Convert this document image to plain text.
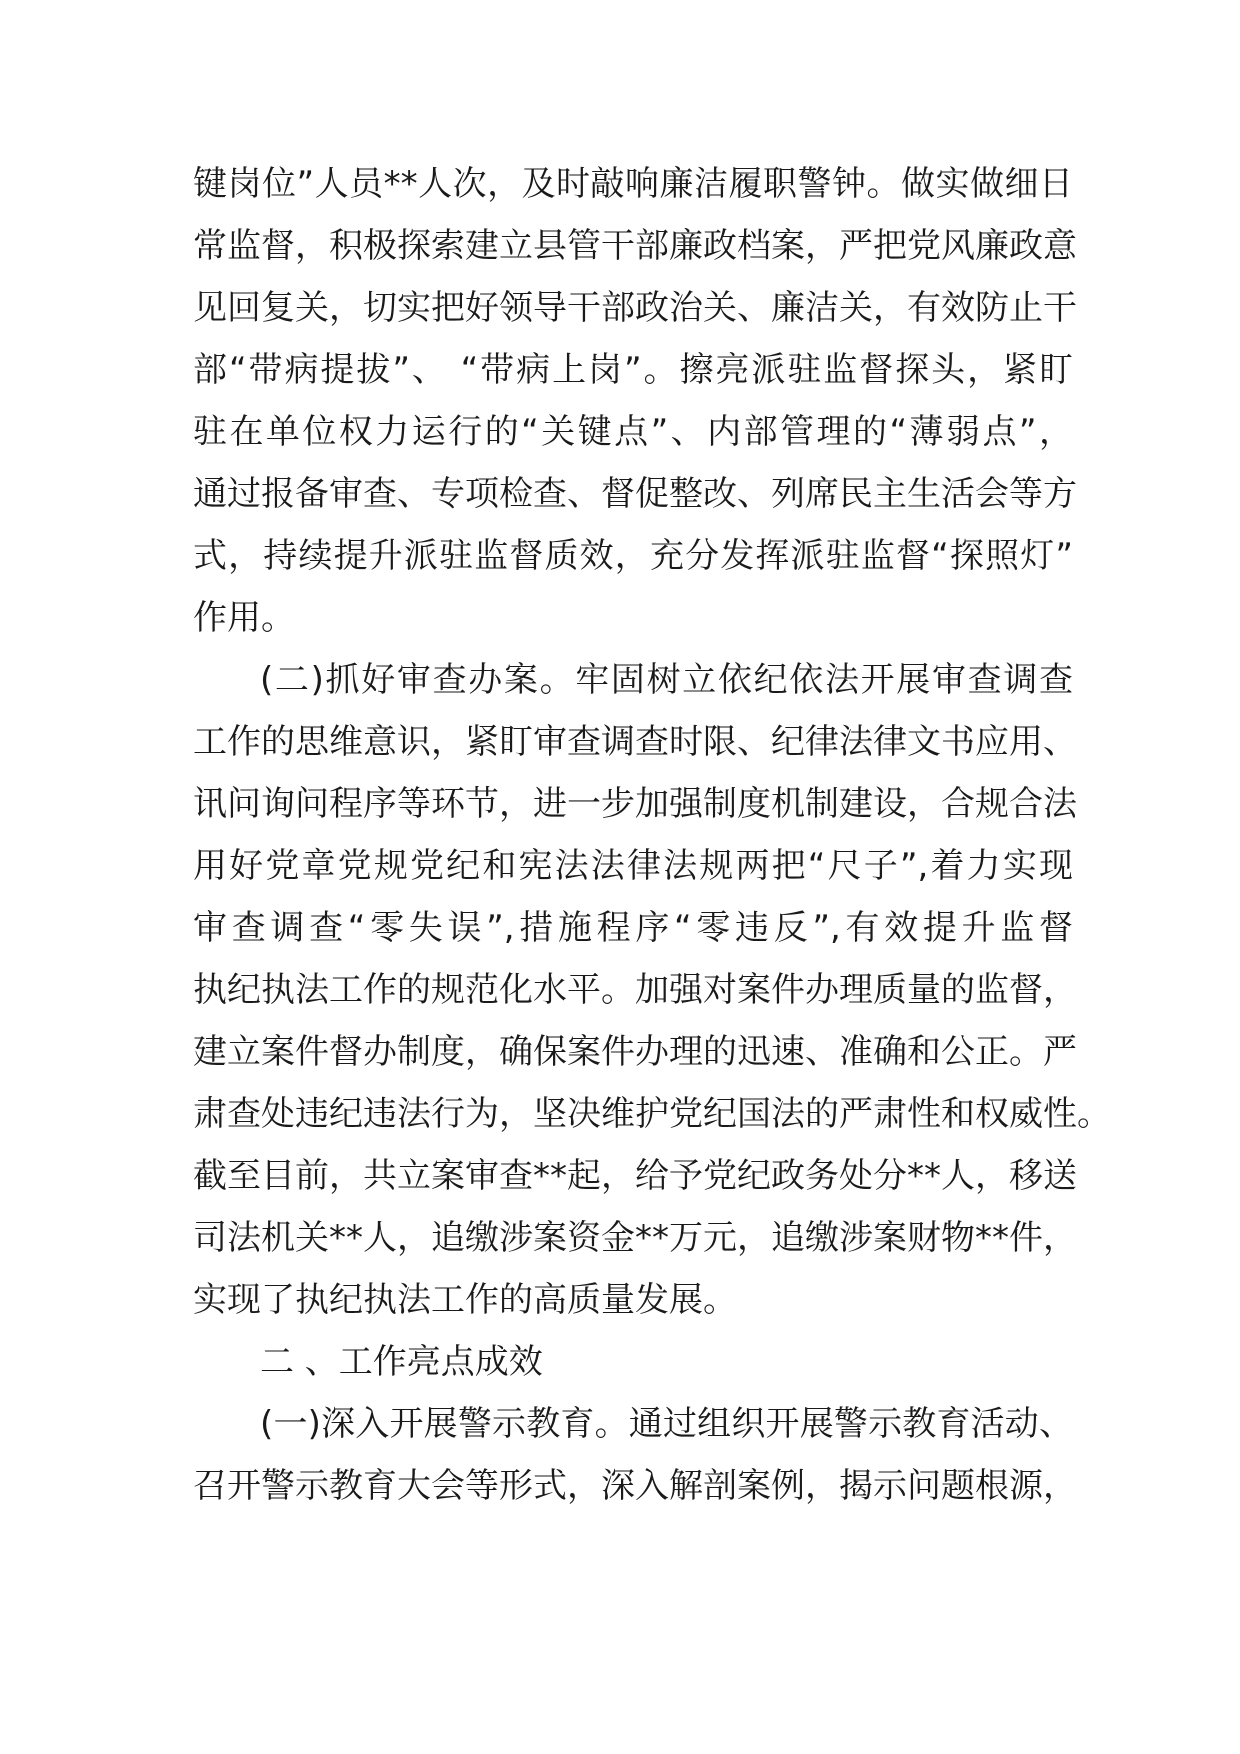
键岗位”人员**人次，及时敲响廉洁履职警钟。做实做细日
常监督，积极探索建立县管干部廉政档案，严把党风廉政意
见回复关，切实把好领导干部政治关、廉洁关，有效防止干
部“带病提拔”、 “带病上岗”。擦亮派驻监督探头，紧盯
驻在单位权力运行的“关键点”、内部管理的“薄弱点”，
通过报备审查、专项检查、督促整改、列席民主生活会等方
式，持续提升派驻监督质效，充分发挥派驻监督“探照灯”
作用。
(二)抓好审查办案。牢固树立依纪依法开展审查调查
工作的思维意识，紧盯审查调查时限、纪律法律文书应用、
讯问询问程序等环节，进一步加强制度机制建设，合规合法
用好党章党规党纪和宪法法律法规两把“尺子”,着力实现
审查调查“零失误”,措施程序“零违反”,有效提升监督
执纪执法工作的规范化水平。加强对案件办理质量的监督，
建立案件督办制度，确保案件办理的迅速、准确和公正。严
肃查处违纪违法行为，坚决维护党纪国法的严肃性和权威性。
截至目前，共立案审查**起，给予党纪政务处分**人，移送
司法机关**人，追缴涉案资金**万元，追缴涉案财物**件，
实现了执纪执法工作的高质量发展。
二 、工作亮点成效
(一)深入开展警示教育。通过组织开展警示教育活动、
召开警示教育大会等形式，深入解剖案例，揭示问题根源，
